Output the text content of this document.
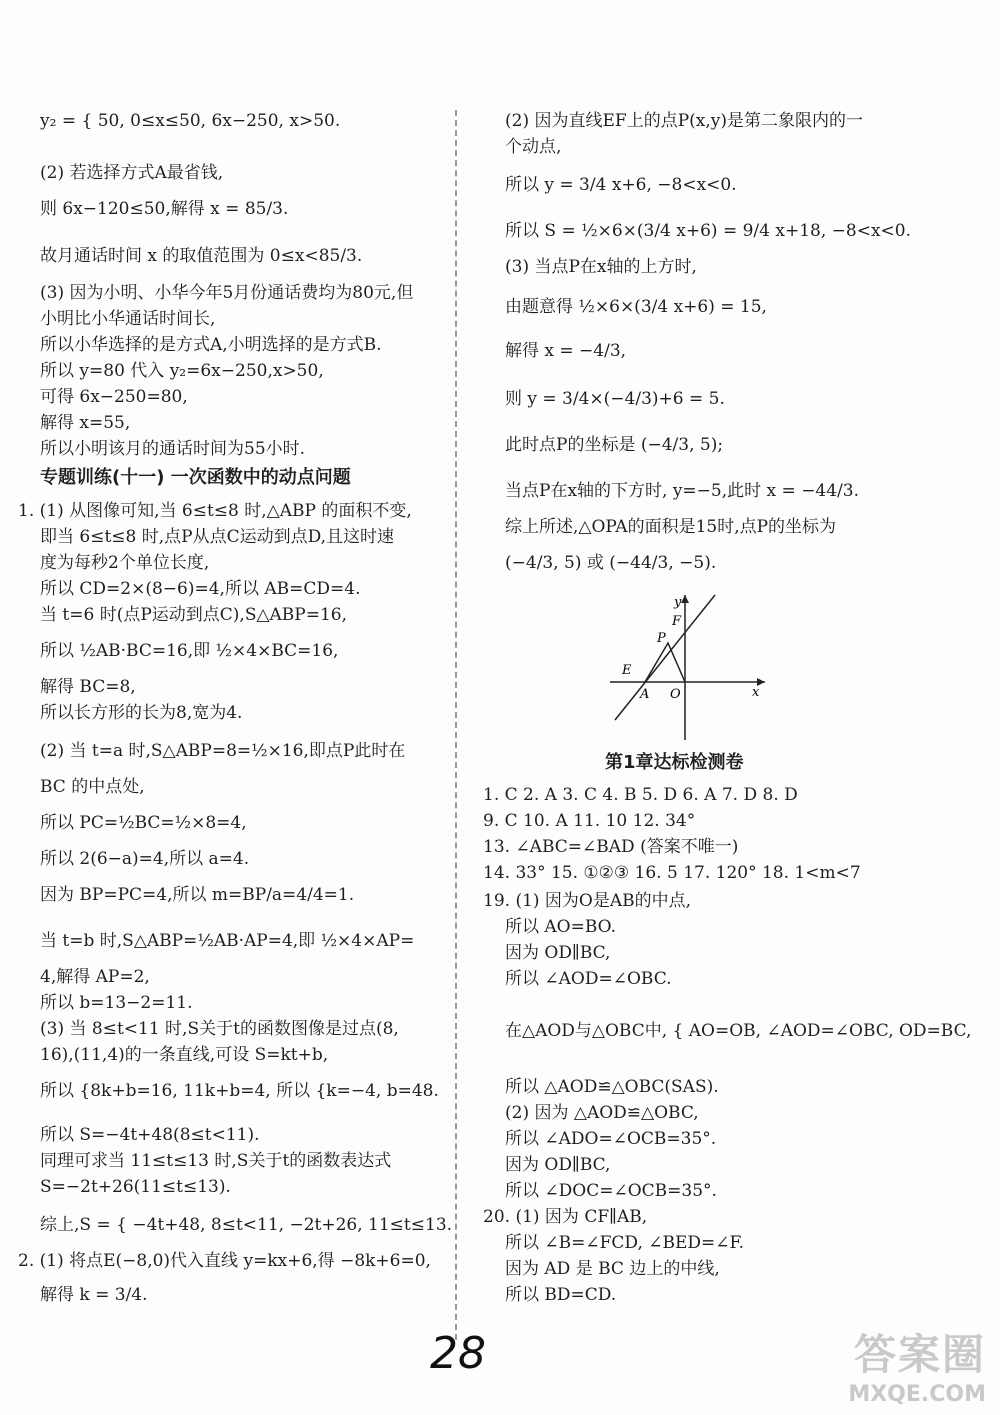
y₂ = { 50, 0≤x≤50, 6x−250, x>50.
(2) 若选择方式A最省钱,
则 6x−120≤50,解得 x = 85/3.
故月通话时间 x 的取值范围为 0≤x<85/3.
(3) 因为小明、小华今年5月份通话费均为80元,但
小明比小华通话时间长,
所以小华选择的是方式A,小明选择的是方式B.
所以 y=80 代入 y₂=6x−250,x>50,
可得 6x−250=80,
解得 x=55,
所以小明该月的通话时间为55小时.
专题训练(十一) 一次函数中的动点问题
1. (1) 从图像可知,当 6≤t≤8 时,△ABP 的面积不变,
即当 6≤t≤8 时,点P从点C运动到点D,且这时速
度为每秒2个单位长度,
所以 CD=2×(8−6)=4,所以 AB=CD=4.
当 t=6 时(点P运动到点C),S△ABP=16,
所以 ½AB·BC=16,即 ½×4×BC=16,
解得 BC=8,
所以长方形的长为8,宽为4.
(2) 当 t=a 时,S△ABP=8=½×16,即点P此时在
BC 的中点处,
所以 PC=½BC=½×8=4,
所以 2(6−a)=4,所以 a=4.
因为 BP=PC=4,所以 m=BP/a=4/4=1.
当 t=b 时,S△ABP=½AB·AP=4,即 ½×4×AP=
4,解得 AP=2,
所以 b=13−2=11.
(3) 当 8≤t<11 时,S关于t的函数图像是过点(8,
16),(11,4)的一条直线,可设 S=kt+b,
所以 {8k+b=16, 11k+b=4, 所以 {k=−4, b=48.
所以 S=−4t+48(8≤t<11).
同理可求当 11≤t≤13 时,S关于t的函数表达式
S=−2t+26(11≤t≤13).
综上,S = { −4t+48, 8≤t<11, −2t+26, 11≤t≤13.
2. (1) 将点E(−8,0)代入直线 y=kx+6,得 −8k+6=0,
解得 k = 3/4.
(2) 因为直线EF上的点P(x,y)是第二象限内的一
个动点,
所以 y = 3/4 x+6, −8<x<0.
所以 S = ½×6×(3/4 x+6) = 9/4 x+18, −8<x<0.
(3) 当点P在x轴的上方时,
由题意得 ½×6×(3/4 x+6) = 15,
解得 x = −4/3,
则 y = 3/4×(−4/3)+6 = 5.
此时点P的坐标是 (−4/3, 5);
当点P在x轴的下方时, y=−5,此时 x = −44/3.
综上所述,△OPA的面积是15时,点P的坐标为
(−4/3, 5) 或 (−44/3, −5).
第1章达标检测卷
1. C 2. A 3. C 4. B 5. D 6. A 7. D 8. D
9. C 10. A 11. 10 12. 34°
13. ∠ABC=∠BAD (答案不唯一)
14. 33° 15. ①②③ 16. 5 17. 120° 18. 1<m<7
19. (1) 因为O是AB的中点,
所以 AO=BO.
因为 OD∥BC,
所以 ∠AOD=∠OBC.
在△AOD与△OBC中, { AO=OB, ∠AOD=∠OBC, OD=BC,
所以 △AOD≌△OBC(SAS).
(2) 因为 △AOD≌△OBC,
所以 ∠ADO=∠OCB=35°.
因为 OD∥BC,
所以 ∠DOC=∠OCB=35°.
20. (1) 因为 CF∥AB,
所以 ∠B=∠FCD, ∠BED=∠F.
因为 AD 是 BC 边上的中线,
所以 BD=CD.
y
x
F
P
E
A O
28	答案圈
MXQE.COM
